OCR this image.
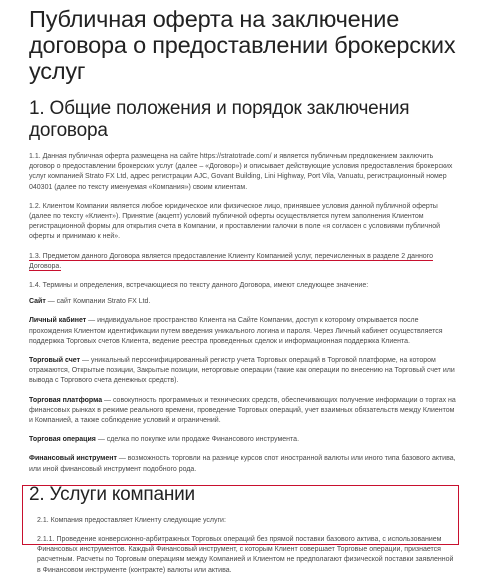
Публичная оферта на заключение договора о предоставлении брокерских услуг
1. Общие положения и порядок заключения договора

1.1. Данная публичная оферта размещена на сайте https://stratotrade.com/ и является публичным предложением заключить договор о предоставлении брокерских услуг (далее – «Договор») и описывает действующие условия предоставления брокерских услуг компанией Strato FX Ltd, адрес регистрации AJC, Govant Building, Lini Highway, Port Vila, Vanuatu, регистрационный номер 040301 (далее по тексту именуемая «Компания») своим клиентам.

1.2. Клиентом Компании является любое юридическое или физическое лицо, принявшее условия данной публичной оферты (далее по тексту «Клиент»). Принятие (акцепт) условий публичной оферты осуществляется путем заполнения Клиентом регистрационной формы для открытия счета в Компании, и проставлении галочки в поле «я согласен с условиями публичной оферты и принимаю к ней».

1.3. Предметом данного Договора является предоставление Клиенту Компанией услуг, перечисленных в разделе 2 данного Договора.

1.4. Термины и определения, встречающиеся по тексту данного Договора, имеют следующее значение:

Сайт — сайт Компании Strato FX Ltd.

Личный кабинет — индивидуальное пространство Клиента на Сайте Компании, доступ к которому открывается после прохождения Клиентом идентификации путем введения уникального логина и пароля. Через Личный кабинет осуществляется поддержка Торговых счетов Клиента, ведение реестра проведенных сделок и информационная поддержка Клиента.

Торговый счет — уникальный персонифицированный регистр учета Торговых операций в Торговой платформе, на котором отражаются, Открытые позиции, Закрытые позиции, неторговые операции (такие как операции по внесению на Торговый счет или вывода с Торгового счета денежных средств).

Торговая платформа — совокупность программных и технических средств, обеспечивающих получение информации о торгах на финансовых рынках в режиме реального времени, проведение Торговых операций, учет взаимных обязательств между Клиентом и Компанией, а также соблюдение условий и ограничений.

Торговая операция — сделка по покупке или продаже Финансового инструмента.

Финансовый инструмент — возможность торговли на разнице курсов спот иностранной валюты или иного типа базового актива, или иной финансовый инструмент подобного рода.

2. Услуги компании

2.1. Компания предоставляет Клиенту следующие услуги:

2.1.1. Проведение конверсионно-арбитражных Торговых операций без прямой поставки базового актива, с использованием Финансовых инструментов. Каждый Финансовый инструмент, с которым Клиент совершает Торговые операции, признается расчетным. Расчеты по Торговым операциям между Компанией и Клиентом не предполагают физической поставки заявленной в Финансовом инструменте (контракте) валюты или актива.
